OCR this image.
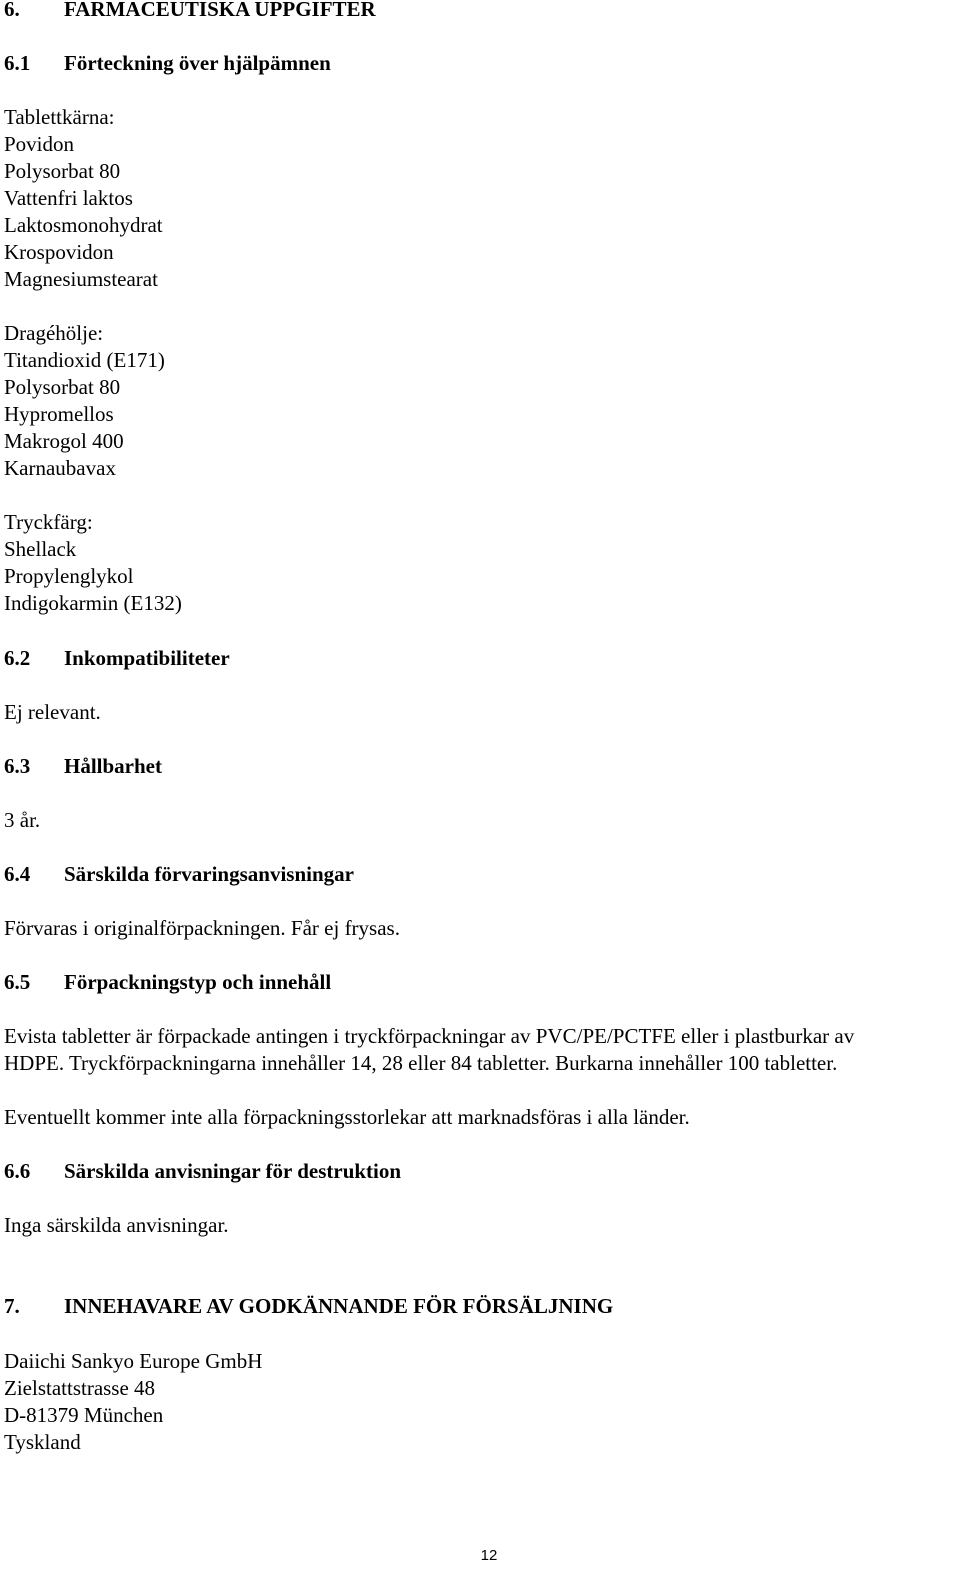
6. FARMACEUTISKA UPPGIFTER
6.1 Förteckning över hjälpämnen
Tablettkärna:
Povidon
Polysorbat 80
Vattenfri laktos
Laktosmonohydrat
Krospovidon
Magnesiumstearat
Dragéhölje:
Titandioxid (E171)
Polysorbat 80
Hypromellos
Makrogol 400
Karnaubavax
Tryckfärg:
Shellack
Propylenglykol
Indigokarmin (E132)
6.2 Inkompatibiliteter
Ej relevant.
6.3 Hållbarhet
3 år.
6.4 Särskilda förvaringsanvisningar
Förvaras i originalförpackningen. Får ej frysas.
6.5 Förpackningstyp och innehåll
Evista tabletter är förpackade antingen i tryckförpackningar av PVC/PE/PCTFE eller i plastburkar av
HDPE. Tryckförpackningarna innehåller 14, 28 eller 84 tabletter. Burkarna innehåller 100 tabletter.
Eventuellt kommer inte alla förpackningsstorlekar att marknadsföras i alla länder.
6.6 Särskilda anvisningar för destruktion
Inga särskilda anvisningar.
7. INNEHAVARE AV GODKÄNNANDE FÖR FÖRSÄLJNING
Daiichi Sankyo Europe GmbH
Zielstattstrasse 48
D-81379 München
Tyskland
12
